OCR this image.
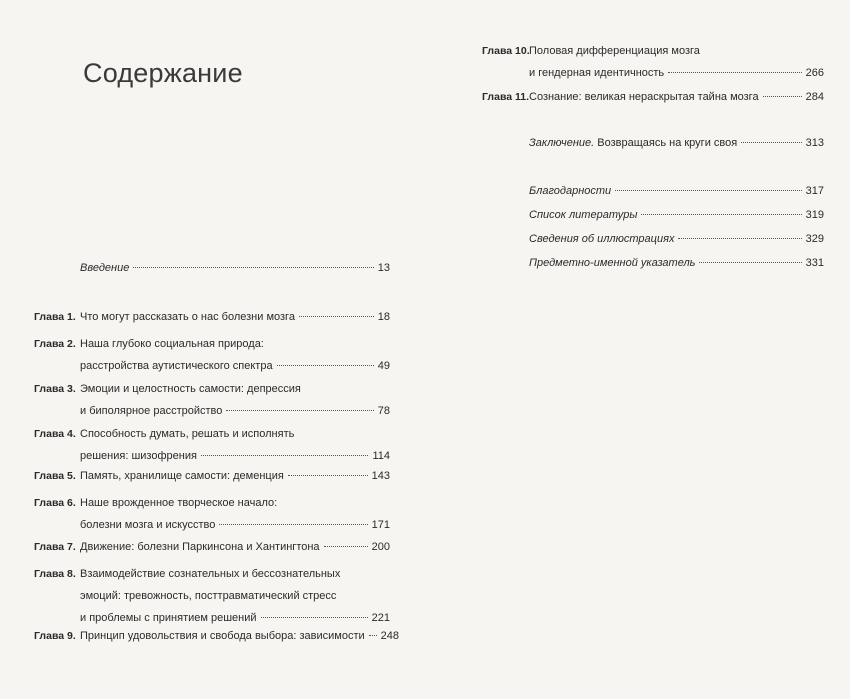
Содержание
Введение	13
Глава 1. Что могут рассказать о нас болезни мозга	18
Глава 2. Наша глубоко социальная природа:
расстройства аутистического спектра	49
Глава 3. Эмоции и целостность самости: депрессия
и биполярное расстройство	78
Глава 4. Способность думать, решать и исполнять
решения: шизофрения	114
Глава 5. Память, хранилище самости: деменция	143
Глава 6. Наше врожденное творческое начало:
болезни мозга и искусство	171
Глава 7. Движение: болезни Паркинсона и Хантингтона	200
Глава 8. Взаимодействие сознательных и бессознательных
эмоций: тревожность, посттравматический стресс
и проблемы с принятием решений	221
Глава 9. Принцип удовольствия и свобода выбора: зависимости 248
Глава 10. Половая дифференциация мозга
и гендерная идентичность	266
Глава 11. Сознание: великая нераскрытая тайна мозга	284
Заключение. Возвращаясь на круги своя	313
Благодарности	317
Список литературы	319
Сведения об иллюстрациях	329
Предметно-именной указатель	331
